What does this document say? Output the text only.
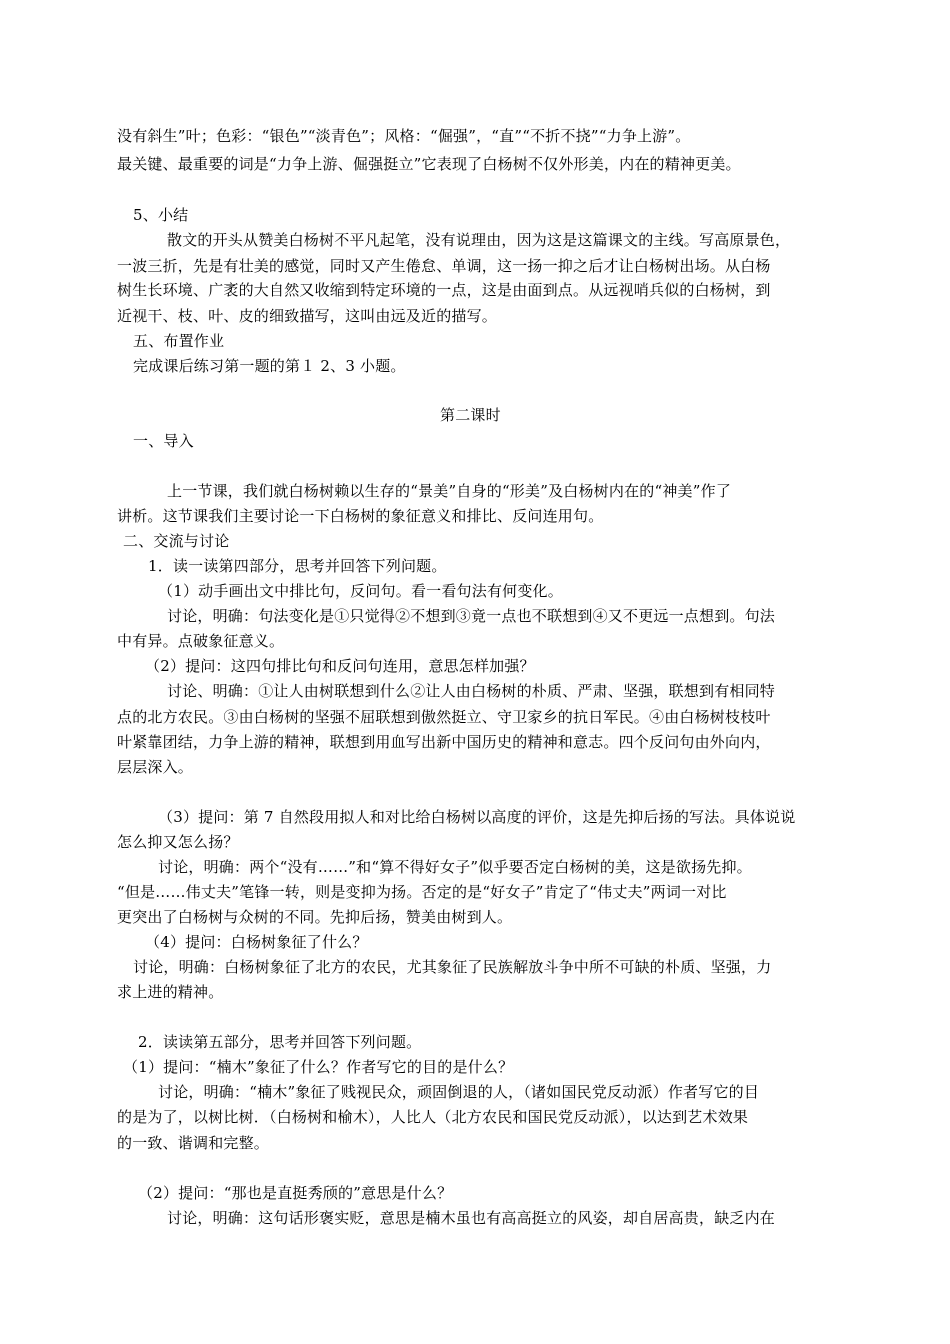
没有斜生”叶；色彩：“银色”“淡青色”；风格：“倔强”，“直”“不折不挠”“力争上游”。
最关键、最重要的词是“力争上游、倔强挺立”它表现了白杨树不仅外形美，内在的精神更美。
5、小结
散文的开头从赞美白杨树不平凡起笔，没有说理由，因为这是这篇课文的主线。写高原景色，
一波三折，先是有壮美的感觉，同时又产生倦怠、单调，这一扬一抑之后才让白杨树出场。从白杨
树生长环境、广袤的大自然又收缩到特定环境的一点，这是由面到点。从远视哨兵似的白杨树，到
近视干、枝、叶、皮的细致描写，这叫由远及近的描写。
五、布置作业
完成课后练习第一题的第１ 2、3 小题。
第二课时
一、导入
上一节课，我们就白杨树赖以生存的“景美”自身的“形美”及白杨树内在的“神美”作了
讲析。这节课我们主要讨论一下白杨树的象征意义和排比、反问连用句。
二、交流与讨论
1．读一读第四部分，思考并回答下列问题。
（1）动手画出文中排比句，反问句。看一看句法有何变化。
讨论，明确：句法变化是①只觉得②不想到③竟一点也不联想到④又不更远一点想到。句法
中有异。点破象征意义。
（2）提问：这四句排比句和反问句连用，意思怎样加强？
讨论、明确：①让人由树联想到什么②让人由白杨树的朴质、严肃、坚强，联想到有相同特
点的北方农民。③由白杨树的坚强不屈联想到傲然挺立、守卫家乡的抗日军民。④由白杨树枝枝叶
叶紧靠团结，力争上游的精神，联想到用血写出新中国历史的精神和意志。四个反问句由外向内，
层层深入。
（3）提问：第 7 自然段用拟人和对比给白杨树以高度的评价，这是先抑后扬的写法。具体说说
怎么抑又怎么扬？
讨论，明确：两个“没有……”和“算不得好女子”似乎要否定白杨树的美，这是欲扬先抑。
“但是……伟丈夫”笔锋一转，则是变抑为扬。否定的是“好女子”肯定了“伟丈夫”两词一对比
更突出了白杨树与众树的不同。先抑后扬，赞美由树到人。
（4）提问：白杨树象征了什么？
讨论，明确：白杨树象征了北方的农民，尤其象征了民族解放斗争中所不可缺的朴质、坚强，力
求上进的精神。
2．读读第五部分，思考并回答下列问题。
（1）提问：“楠木”象征了什么？作者写它的目的是什么？
讨论，明确：“楠木”象征了贱视民众，顽固倒退的人，（诸如国民党反动派）作者写它的目
的是为了，以树比树．（白杨树和榆木），人比人（北方农民和国民党反动派），以达到艺术效果
的一致、谐调和完整。
（2）提问：“那也是直挺秀颀的”意思是什么？
讨论，明确：这句话形褒实贬，意思是楠木虽也有高高挺立的风姿，却自居高贵，缺乏内在
